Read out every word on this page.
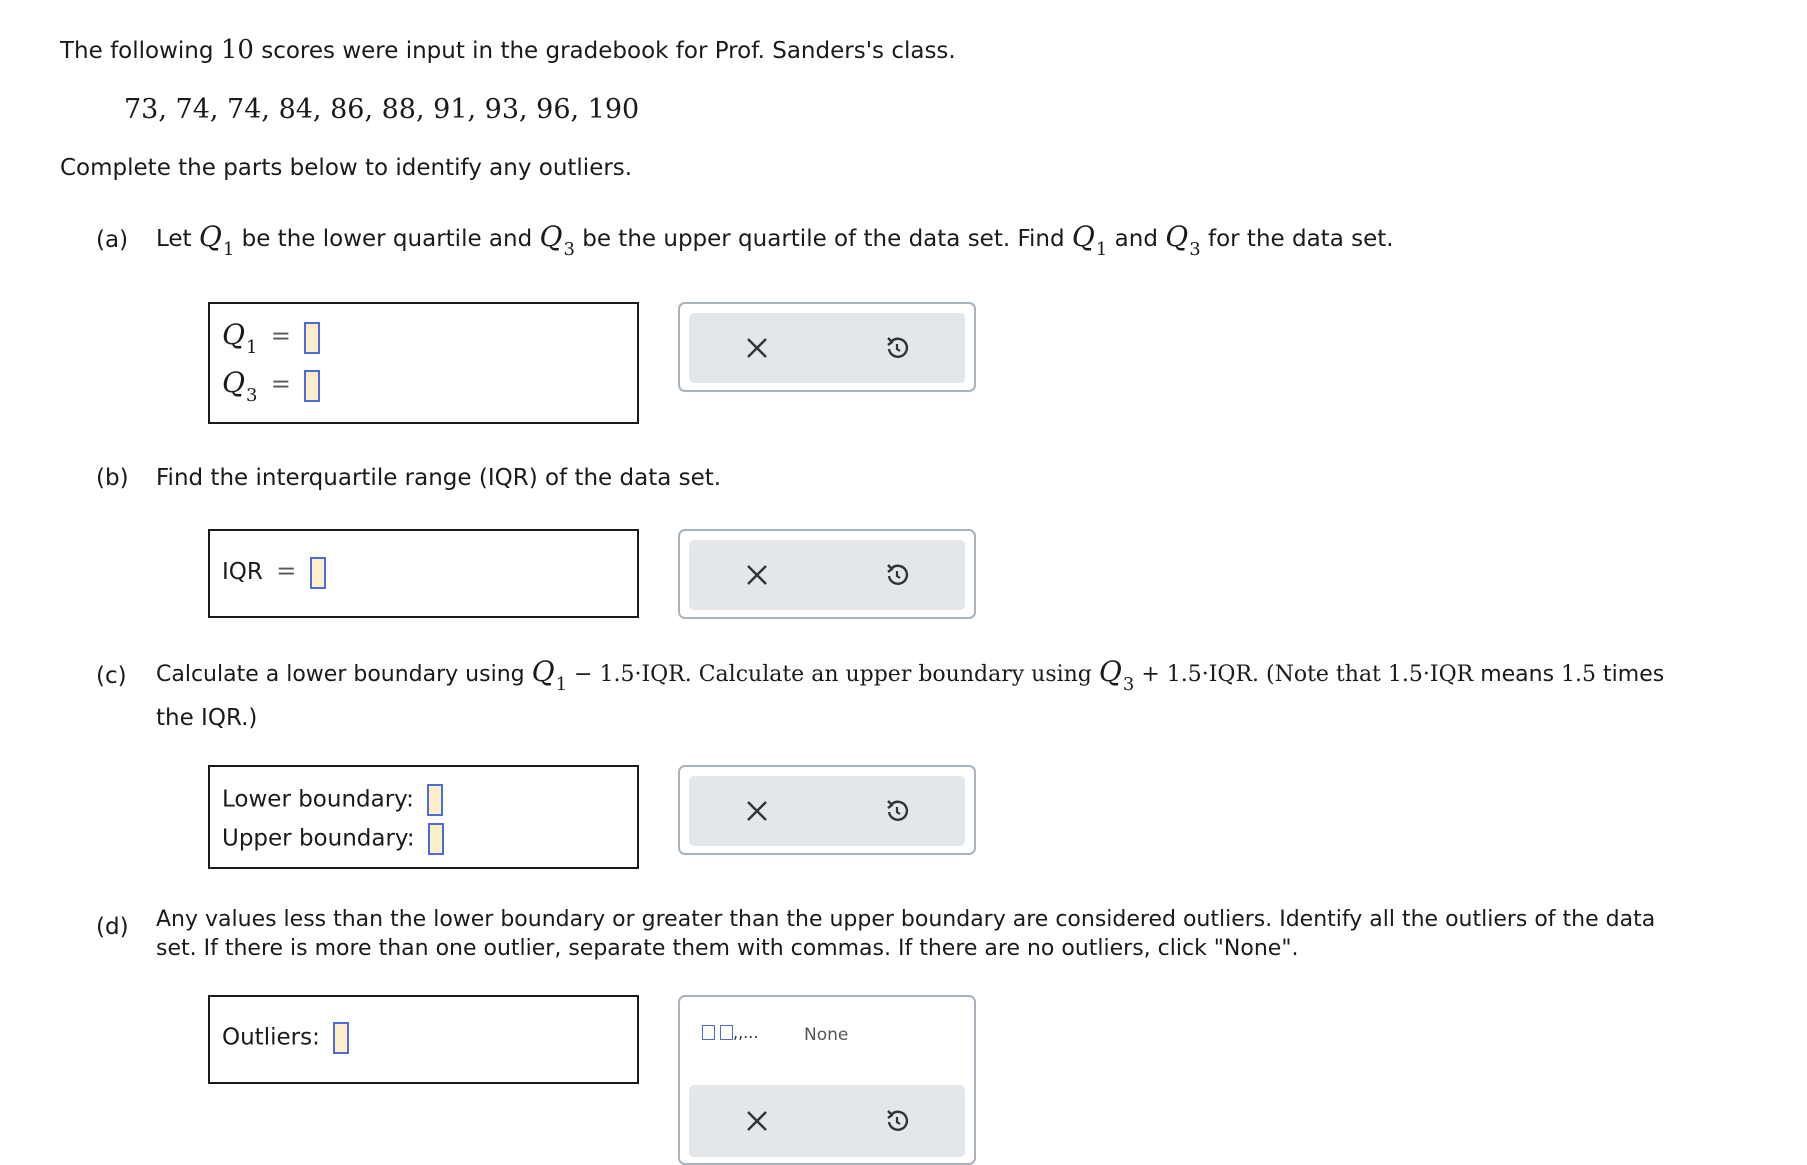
The following 10 scores were input in the gradebook for Prof. Sanders's class.
73, 74, 74, 84, 86, 88, 91, 93, 96, 190
Complete the parts below to identify any outliers.
(a) Let $Q_1$ be the lower quartile and $Q_3$ be the upper quartile of the data set. Find $Q_1$ and $Q_3$ for the data set.
$Q_1$ =
$Q_3$ =
(b) Find the interquartile range (IQR) of the data set.
IQR =
(c) Calculate a lower boundary using $Q_1 - 1.5\cdot IQR$. Calculate an upper boundary using $Q_3 + 1.5\cdot IQR$. (Note that 1.5·IQR means 1.5 times
the IQR.)
Lower boundary:
Upper boundary:
(d) Any values less than the lower boundary or greater than the upper boundary are considered outliers. Identify all the outliers of the data
set. If there is more than one outlier, separate them with commas. If there are no outliers, click "None".
Outliers:	,,...	None
